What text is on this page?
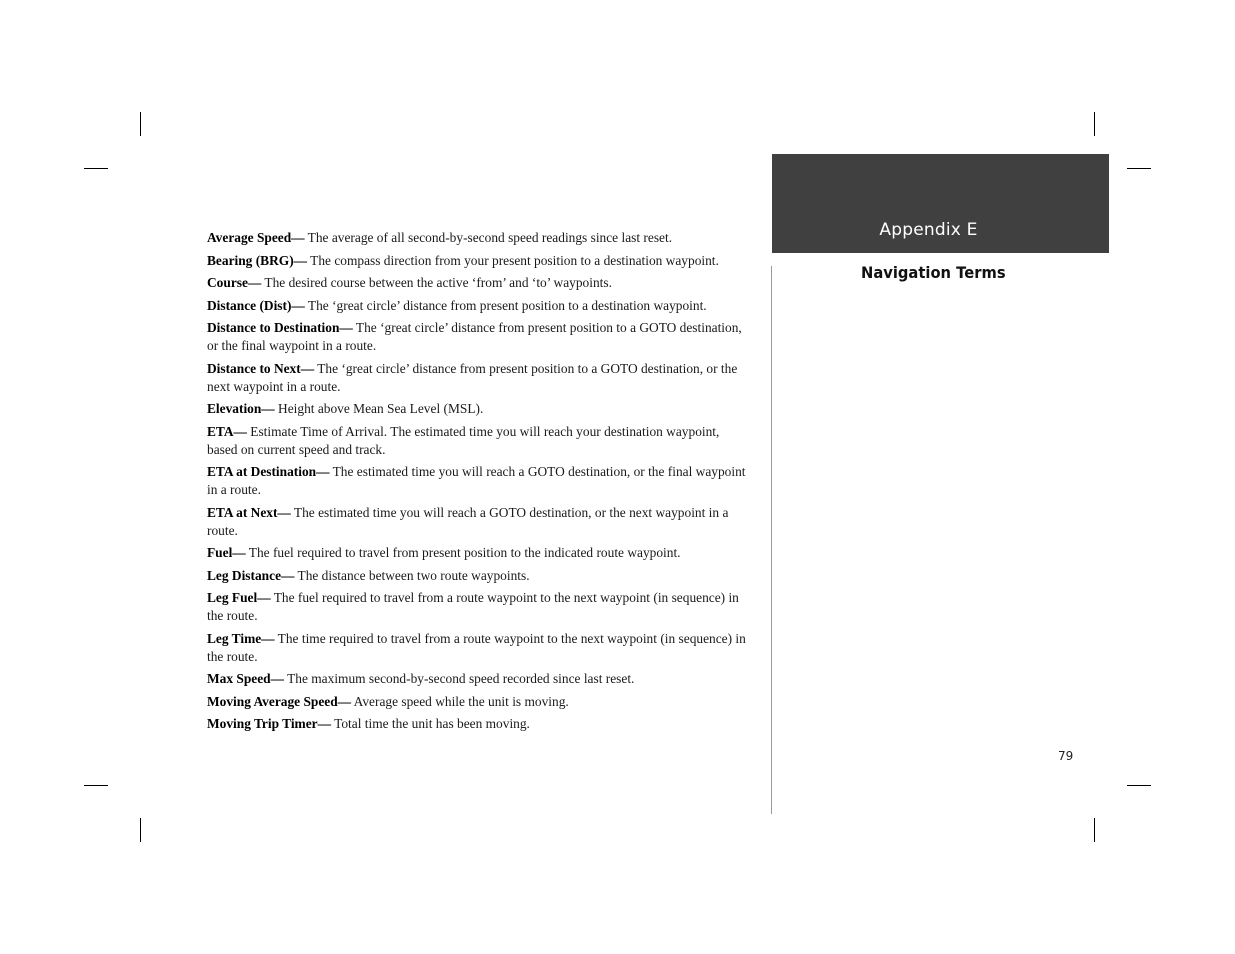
Average Speed— The average of all second-by-second speed readings since last reset.

Bearing (BRG)— The compass direction from your present position to a destination waypoint.

Course— The desired course between the active ‘from’ and ‘to’ waypoints.

Distance (Dist)— The ‘great circle’ distance from present position to a destination waypoint.

Distance to Destination— The ‘great circle’ distance from present position to a GOTO destination, or the final waypoint in a route.

Distance to Next— The ‘great circle’ distance from present position to a GOTO destination, or the next waypoint in a route.

Elevation— Height above Mean Sea Level (MSL).

ETA— Estimate Time of Arrival. The estimated time you will reach your destination waypoint, based on current speed and track.

ETA at Destination— The estimated time you will reach a GOTO destination, or the final waypoint in a route.

ETA at Next— The estimated time you will reach a GOTO destination, or the next waypoint in a route.

Fuel— The fuel required to travel from present position to the indicated route waypoint.

Leg Distance— The distance between two route waypoints.

Leg Fuel— The fuel required to travel from a route waypoint to the next waypoint (in sequence) in the route.

Leg Time— The time required to travel from a route waypoint to the next waypoint (in sequence) in the route.

Max Speed— The maximum second-by-second speed recorded since last reset.

Moving Average Speed— Average speed while the unit is moving.

Moving Trip Timer— Total time the unit has been moving.

Appendix E
Navigation Terms
79
